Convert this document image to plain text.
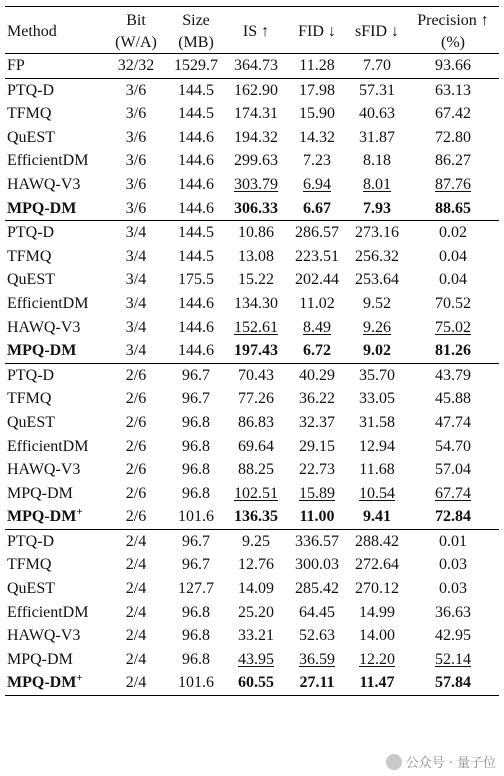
Method	Bit	Size	IS ↑	FID ↓	sFID ↓	Precision ↑
	(W/A)	(MB)				(%)
FP	32/32	1529.7	364.73	11.28	7.70	93.66
PTQ-D	3/6	144.5	162.90	17.98	57.31	63.13
TFMQ	3/6	144.5	174.31	15.90	40.63	67.42
QuEST	3/6	144.6	194.32	14.32	31.87	72.80
EfficientDM	3/6	144.6	299.63	7.23	8.18	86.27
HAWQ-V3	3/6	144.6	303.79	6.94	8.01	87.76
MPQ-DM	3/6	144.6	306.33	6.67	7.93	88.65
PTQ-D	3/4	144.5	10.86	286.57	273.16	0.02
TFMQ	3/4	144.5	13.08	223.51	256.32	0.04
QuEST	3/4	175.5	15.22	202.44	253.64	0.04
EfficientDM	3/4	144.6	134.30	11.02	9.52	70.52
HAWQ-V3	3/4	144.6	152.61	8.49	9.26	75.02
MPQ-DM	3/4	144.6	197.43	6.72	9.02	81.26
PTQ-D	2/6	96.7	70.43	40.29	35.70	43.79
TFMQ	2/6	96.7	77.26	36.22	33.05	45.88
QuEST	2/6	96.8	86.83	32.37	31.58	47.74
EfficientDM	2/6	96.8	69.64	29.15	12.94	54.70
HAWQ-V3	2/6	96.8	88.25	22.73	11.68	57.04
MPQ-DM	2/6	96.8	102.51	15.89	10.54	67.74
MPQ-DM+	2/6	101.6	136.35	11.00	9.41	72.84
PTQ-D	2/4	96.7	9.25	336.57	288.42	0.01
TFMQ	2/4	96.7	12.76	300.03	272.64	0.03
QuEST	2/4	127.7	14.09	285.42	270.12	0.03
EfficientDM	2/4	96.8	25.20	64.45	14.99	36.63
HAWQ-V3	2/4	96.8	33.21	52.63	14.00	42.95
MPQ-DM	2/4	96.8	43.95	36.59	12.20	52.14
MPQ-DM+	2/4	101.6	60.55	27.11	11.47	57.84
公众号 · 量子位
